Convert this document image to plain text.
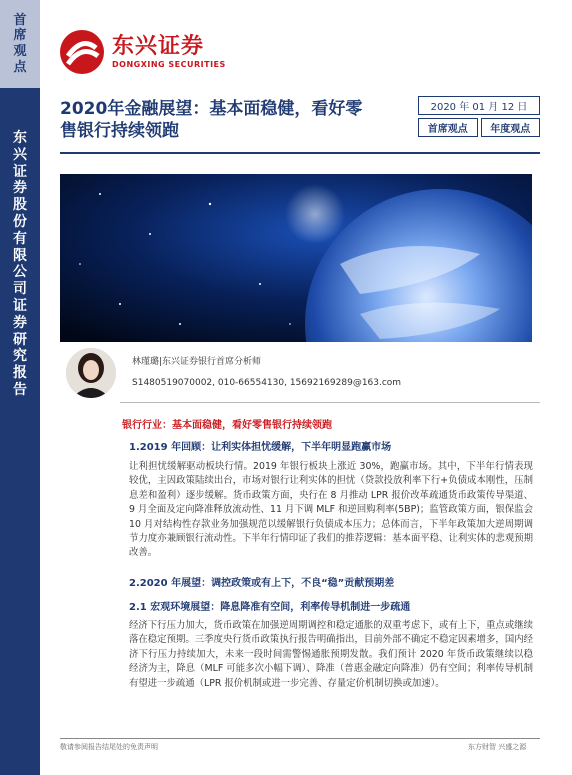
首
席
观
点
东
兴
证
券
股
份
有
限
公
司
证
券
研
究
报
告
东兴证券
DONGXING SECURITIES
2020年金融展望：基本面稳健，看好零售银行持续领跑
2020 年 01 月 12 日
首席观点	年度观点
林瑾璐|东兴证券银行首席分析师
S1480519070002, 010-66554130, 15692169289@163.com
银行行业：基本面稳健，看好零售银行持续领跑
1.2019 年回顾：让利实体担忧缓解，下半年明显跑赢市场
让利担忧缓解驱动板块行情。2019 年银行板块上涨近 30%，跑赢市场。其中，下半年行情表现较优，主因政策陆续出台，市场对银行让利实体的担忧（贷款投放利率下行+负债成本刚性，压制息差和盈利）逐步缓解。货币政策方面，央行在 8 月推动 LPR 报价改革疏通货币政策传导渠道、9 月全面及定向降准释放流动性、11 月下调 MLF 和逆回购利率(5BP)；监管政策方面，银保监会 10 月对结构性存款业务加强规范以缓解银行负债成本压力；总体而言，下半年政策加大逆周期调节力度亦兼顾银行流动性。下半年行情印证了我们的推荐逻辑：基本面平稳、让利实体的悲观预期改善。
2.2020 年展望：调控政策或有上下，不良“稳”贡献预期差
2.1 宏观环境展望：降息降准有空间，利率传导机制进一步疏通
经济下行压力加大，货币政策在加强逆周期调控和稳定通胀的双重考虑下，或有上下，重点或继续落在稳定预期。三季度央行货币政策执行报告明确指出，目前外部不确定不稳定因素增多，国内经济下行压力持续加大，未来一段时间需警惕通胀预期发散。我们预计 2020 年货币政策继续以稳经济为主，降息（MLF 可能多次小幅下调）、降准（普惠金融定向降准）仍有空间；利率传导机制有望进一步疏通（LPR 报价机制或进一步完善、存量定价机制切换或加速）。
敬请参阅报告结尾处的免责声明	东方财智 兴盛之源
